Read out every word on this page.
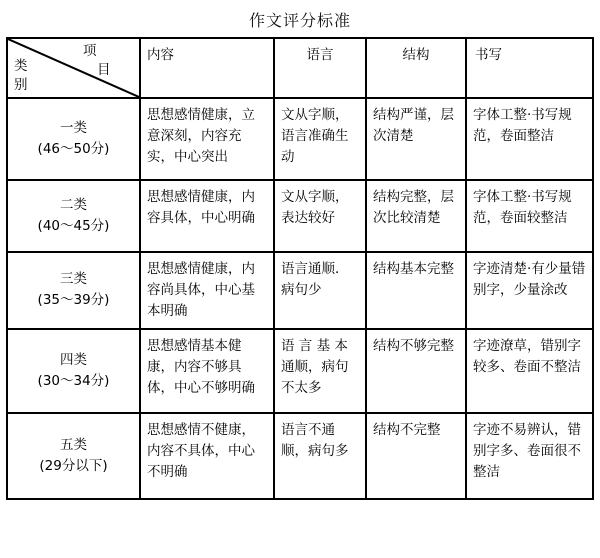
作文评分标准
项
目
类
别	内容	语言	结构	书写

一类
(46～50分)	思想感情健康，立意深刻，内容充实，中心突出	文从字顺，语言准确生动	结构严谨，层次清楚	字体工整·书写规范，卷面整洁

二类
(40～45分)	思想感情健康，内容具体，中心明确	文从字顺，表达较好	结构完整，层次比较清楚	字体工整·书写规范，卷面较整洁

三类
(35～39分)	思想感情健康，内容尚具体，中心基本明确	语言通顺．病句少	结构基本完整	字迹清楚·有少量错别字，少量涂改

四类
(30～34分)	思想感情基本健康，内容不够具体，中心不够明确	语 言 基 本 通顺，病句不太多	结构不够完整	字迹潦草，错别字较多、卷面不整洁

五类
(29分以下)	思想感情不健康，内容不具体，中心不明确	语言不通顺，病句多	结构不完整	字迹不易辨认，错别字多、卷面很不整洁
